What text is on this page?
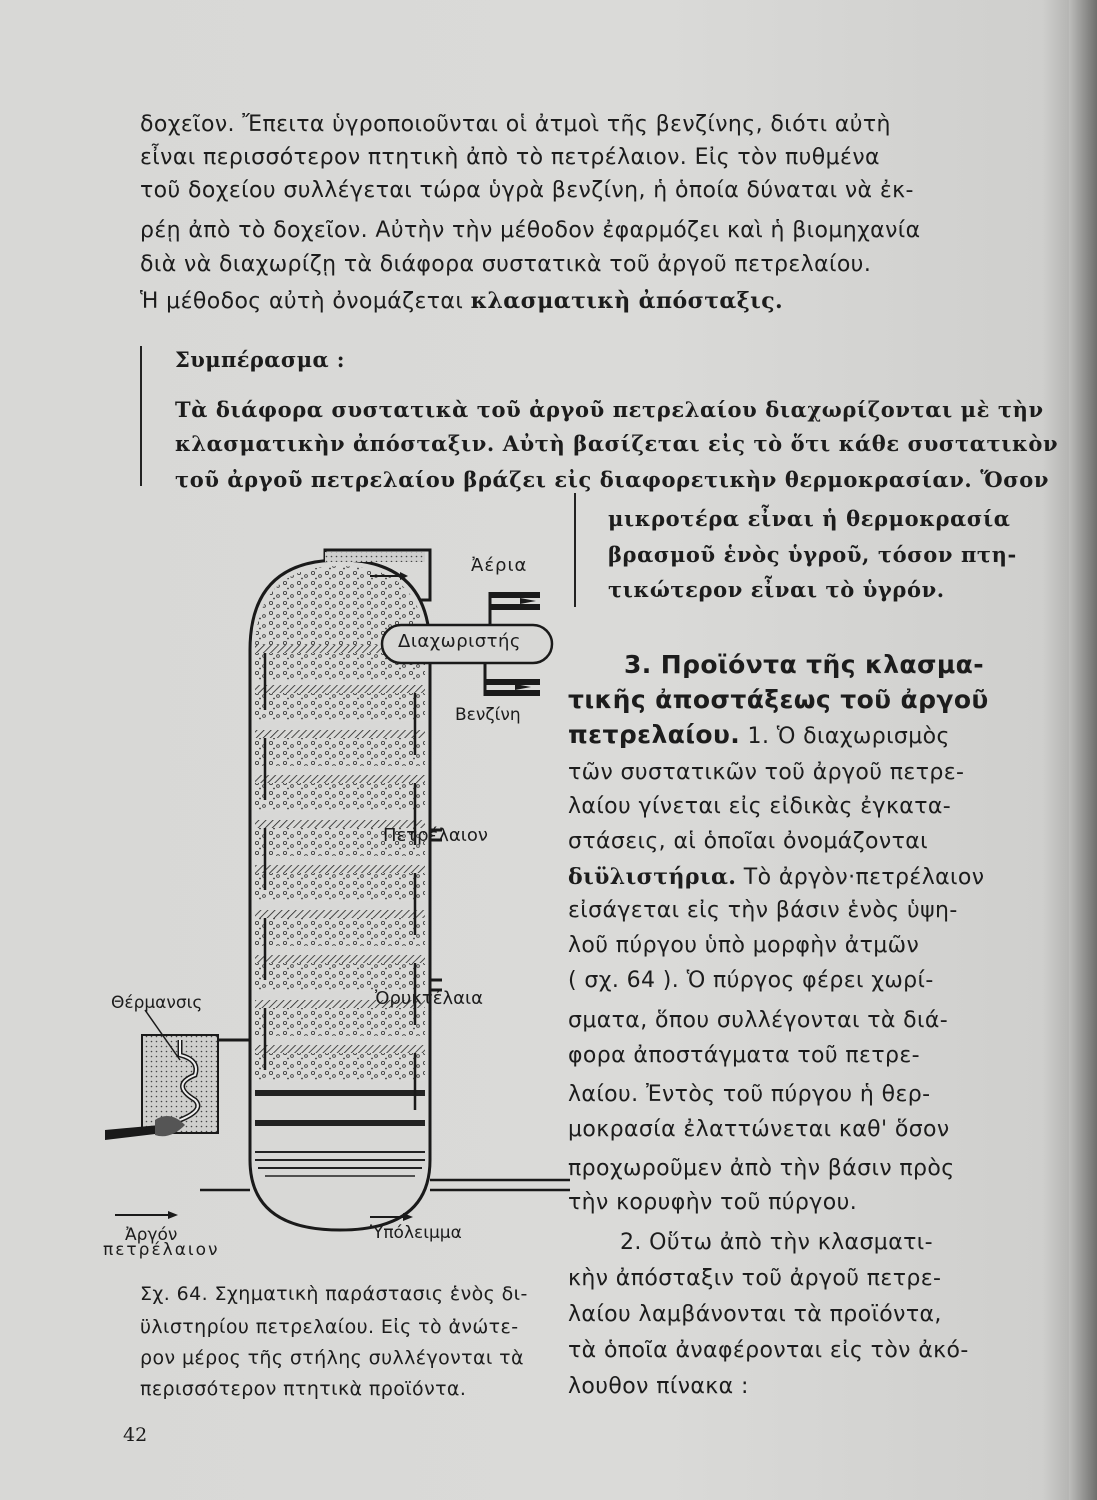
δοχεῖον. Ἔπειτα ὑγροποιοῦνται οἱ ἀτμοὶ τῆς βενζίνης, διότι αὐτὴ
εἶναι περισσότερον πτητικὴ ἀπὸ τὸ πετρέλαιον. Εἰς τὸν πυθμένα
τοῦ δοχείου συλλέγεται τώρα ὑγρὰ βενζίνη, ἡ ὁποία δύναται νὰ ἐκ-
ρέῃ ἀπὸ τὸ δοχεῖον. Αὐτὴν τὴν μέθοδον ἐφαρμόζει καὶ ἡ βιομηχανία
διὰ νὰ διαχωρίζῃ τὰ διάφορα συστατικὰ τοῦ ἀργοῦ πετρελαίου.
Ἡ μέθοδος αὐτὴ ὀνομάζεται κλασματικὴ ἀπόσταξις.
Συμπέρασμα :
Τὰ διάφορα συστατικὰ τοῦ ἀργοῦ πετρελαίου διαχωρίζονται μὲ τὴν
κλασματικὴν ἀπόσταξιν. Αὐτὴ βασίζεται εἰς τὸ ὅτι κάθε συστατικὸν
τοῦ ἀργοῦ πετρελαίου βράζει εἰς διαφορετικὴν θερμοκρασίαν. Ὅσον
μικροτέρα εἶναι ἡ θερμοκρασία
βρασμοῦ ἑνὸς ὑγροῦ, τόσον πτη-
τικώτερον εἶναι τὸ ὑγρόν.
3. Προϊόντα τῆς κλασμα-
τικῆς ἀποστάξεως τοῦ ἀργοῦ
πετρελαίου. 1. Ὁ διαχωρισμὸς
τῶν συστατικῶν τοῦ ἀργοῦ πετρε-
λαίου γίνεται εἰς εἰδικὰς ἐγκατα-
στάσεις, αἱ ὁποῖαι ὀνομάζονται
διϋλιστήρια. Τὸ ἀργὸν·πετρέλαιον
εἰσάγεται εἰς τὴν βάσιν ἑνὸς ὑψη-
λοῦ πύργου ὑπὸ μορφὴν ἀτμῶν
( σχ. 64 ). Ὁ πύργος φέρει χωρί-
σματα, ὅπου συλλέγονται τὰ διά-
φορα ἀποστάγματα τοῦ πετρε-
λαίου. Ἐντὸς τοῦ πύργου ἡ θερ-
μοκρασία ἐλαττώνεται καθ' ὅσον
προχωροῦμεν ἀπὸ τὴν βάσιν πρὸς
τὴν κορυφὴν τοῦ πύργου.
2. Οὕτω ἀπὸ τὴν κλασματι-
κὴν ἀπόσταξιν τοῦ ἀργοῦ πετρε-
λαίου λαμβάνονται τὰ προϊόντα,
τὰ ὁποῖα ἀναφέρονται εἰς τὸν ἀκό-
λουθον πίνακα :
Ἀέρια
Διαχωριστής
Βενζίνη
Πετρέλαιον
Ὀρυκτέλαια
Θέρμανσις
Ἀργόν
πετρέλαιον
Ὑπόλειμμα
Σχ. 64. Σχηματικὴ παράστασις ἑνὸς δι-
ϋλιστηρίου πετρελαίου. Εἰς τὸ ἀνώτε-
ρον μέρος τῆς στήλης συλλέγονται τὰ
περισσότερον πτητικὰ προϊόντα.
42
